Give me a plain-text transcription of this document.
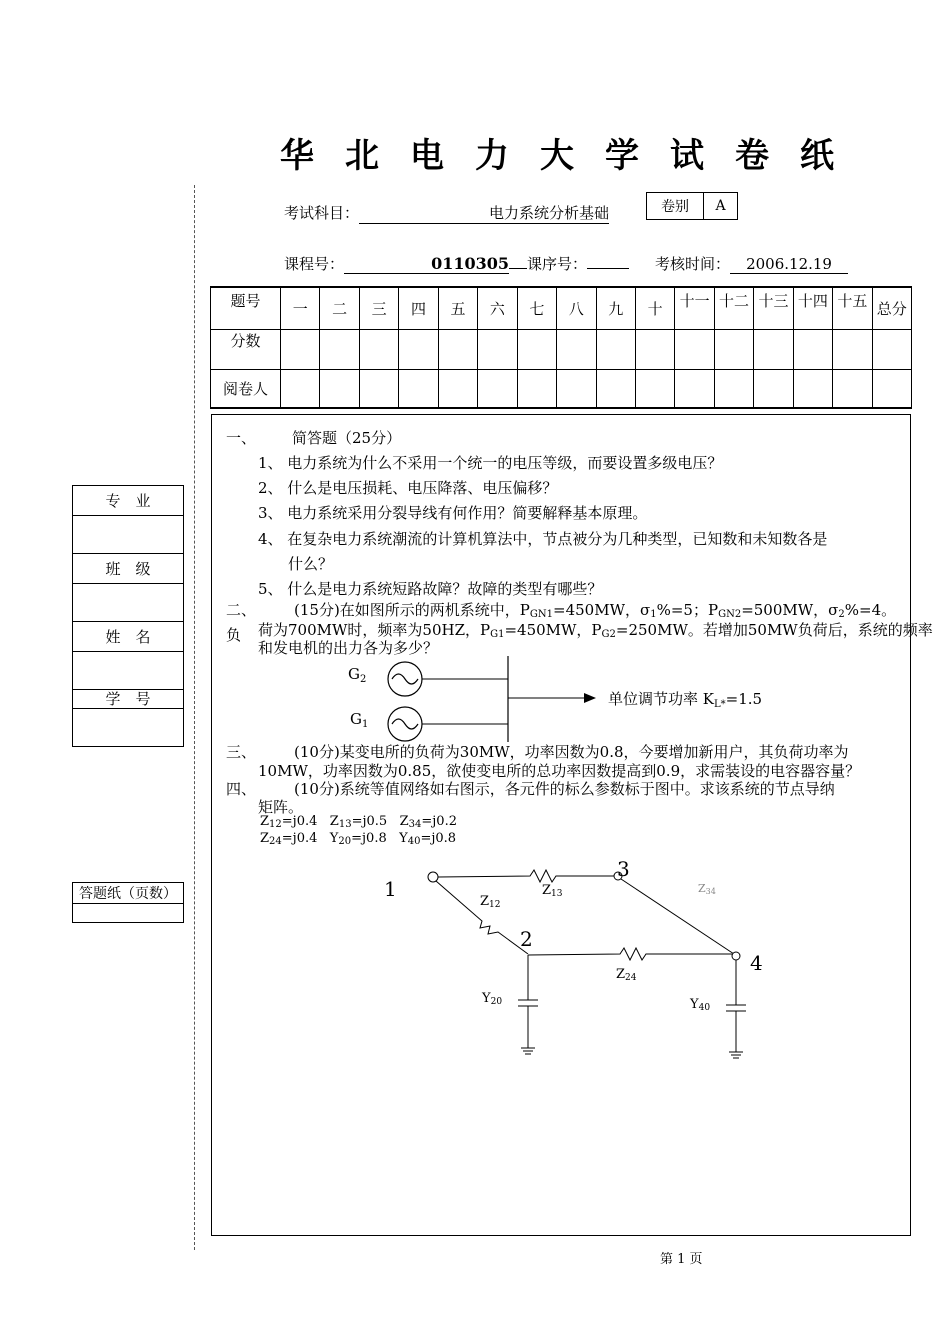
华 北 电 力 大 学 试 卷 纸
考试科目：	电力系统分析基础	卷别	A
课程号：	0110305 课序号：	考核时间： 2006.12.19
题号	一	二	三	四	五	六	七	八	九	十	十一	十二	十三	十四	十五	总分
分数																
阅卷人																
专　业

班　级

姓　名

学　号

答题纸（页数）

一、 简答题（25分）
1、 电力系统为什么不采用一个统一的电压等级，而要设置多级电压？
2、 什么是电压损耗、电压降落、电压偏移？
3、 电力系统采用分裂导线有何作用？简要解释基本原理。
4、 在复杂电力系统潮流的计算机算法中，节点被分为几种类型，已知数和未知数各是
什么？
5、 什么是电力系统短路故障？故障的类型有哪些？
二、	(15分)在如图所示的两机系统中，$P_{GN1}=450MW$，$\sigma_1\%=5$；$P_{GN2}=500MW$，$\sigma_2\%=4$。负	荷为700MW时，频率为50HZ，$P_{G1}=450MW$，$P_{G2}=250MW$。若增加50MW负荷后，系统的频率
和发电机的出力各为多少？
$G_2$
$G_1$
单位调节功率 $K_{L*}=1.5$
三、	(10分)某变电所的负荷为30MW，功率因数为0.8，今要增加新用户，其负荷功率为
10MW，功率因数为0.85，欲使变电所的总功率因数提高到0.9，求需装设的电容器容量？
四、	(10分)系统等值网络如右图示，各元件的标么参数标于图中。求该系统的节点导纳
矩阵。
$Z_{12}=j0.4$ $Z_{13}=j0.5$ $Z_{34}=j0.2$
$Z_{24}=j0.4$ $Y_{20}=j0.8$ $Y_{40}=j0.8$
1
3
Z13
Z12
2
Z34
4
Z24
Y20	Y40
第 1 页
